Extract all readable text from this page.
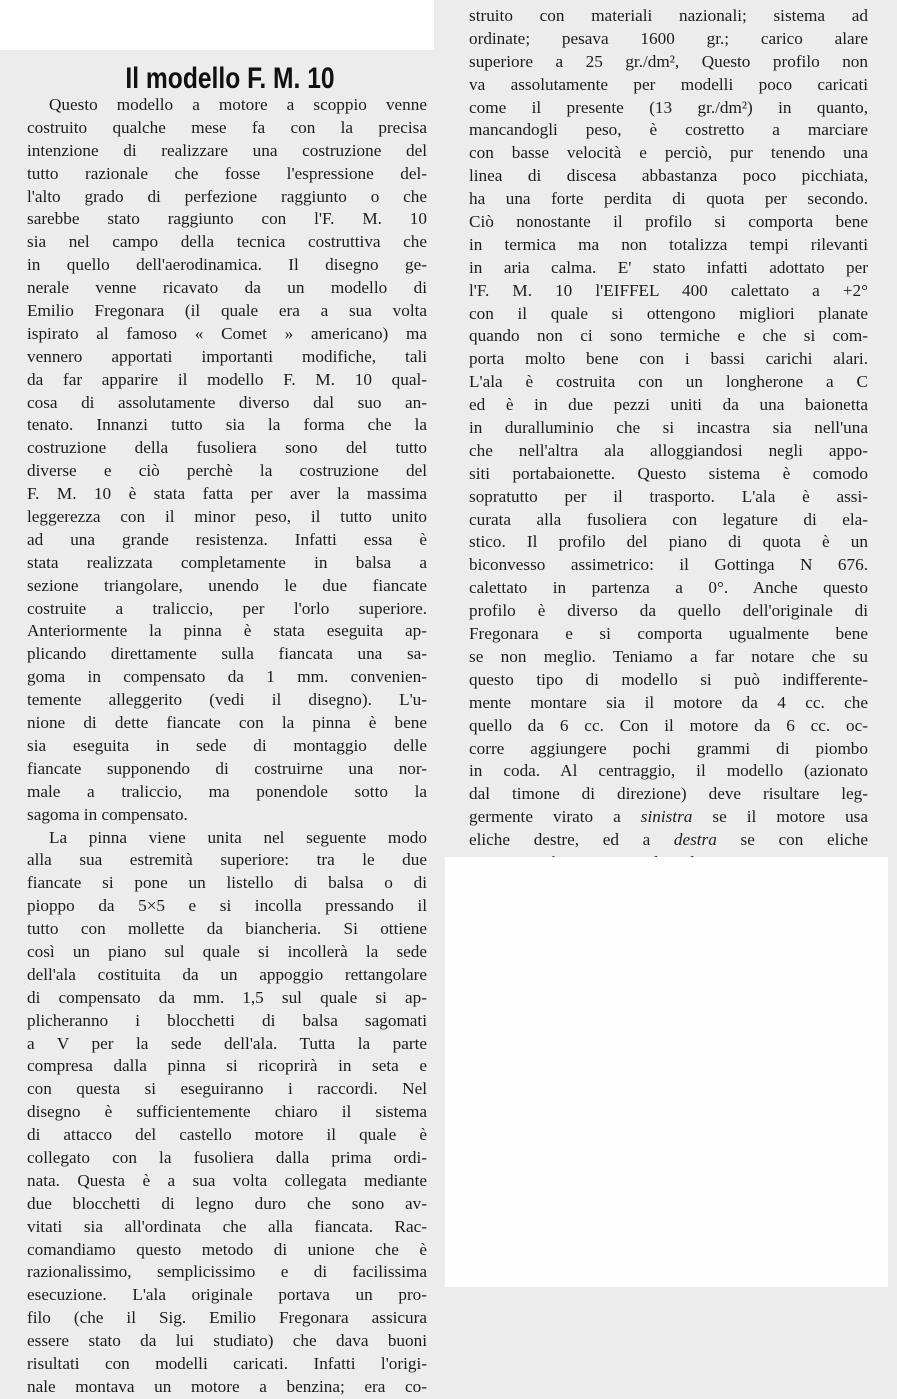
Il modello F. M. 10
Questo modello a motore a scoppio venne
costruito qualche mese fa con la precisa
intenzione di realizzare una costruzione del
tutto razionale che fosse l'espressione del-
l'alto grado di perfezione raggiunto o che
sarebbe stato raggiunto con l'F. M. 10
sia nel campo della tecnica costruttiva che
in quello dell'aerodinamica. Il disegno ge-
nerale venne ricavato da un modello di
Emilio Fregonara (il quale era a sua volta
ispirato al famoso « Comet » americano) ma
vennero apportati importanti modifiche, tali
da far apparire il modello F. M. 10 qual-
cosa di assolutamente diverso dal suo an-
tenato. Innanzi tutto sia la forma che la
costruzione della fusoliera sono del tutto
diverse e ciò perchè la costruzione del
F. M. 10 è stata fatta per aver la massima
leggerezza con il minor peso, il tutto unito
ad una grande resistenza. Infatti essa è
stata realizzata completamente in balsa a
sezione triangolare, unendo le due fiancate
costruite a traliccio, per l'orlo superiore.
Anteriormente la pinna è stata eseguita ap-
plicando direttamente sulla fiancata una sa-
goma in compensato da 1 mm. convenien-
temente alleggerito (vedi il disegno). L'u-
nione di dette fiancate con la pinna è bene
sia eseguita in sede di montaggio delle
fiancate supponendo di costruirne una nor-
male a traliccio, ma ponendole sotto la
sagoma in compensato.
La pinna viene unita nel seguente modo
alla sua estremità superiore: tra le due
fiancate si pone un listello di balsa o di
pioppo da 5×5 e si incolla pressando il
tutto con mollette da biancheria. Si ottiene
così un piano sul quale si incollerà la sede
dell'ala costituita da un appoggio rettangolare
di compensato da mm. 1,5 sul quale si ap-
plicheranno i blocchetti di balsa sagomati
a V per la sede dell'ala. Tutta la parte
compresa dalla pinna si ricoprirà in seta e
con questa si eseguiranno i raccordi. Nel
disegno è sufficientemente chiaro il sistema
di attacco del castello motore il quale è
collegato con la fusoliera dalla prima ordi-
nata. Questa è a sua volta collegata mediante
due blocchetti di legno duro che sono av-
vitati sia all'ordinata che alla fiancata. Rac-
comandiamo questo metodo di unione che è
razionalissimo, semplicissimo e di facilissima
esecuzione. L'ala originale portava un pro-
filo (che il Sig. Emilio Fregonara assicura
essere stato da lui studiato) che dava buoni
risultati con modelli caricati. Infatti l'origi-
nale montava un motore a benzina; era co-
struito con materiali nazionali; sistema ad
ordinate; pesava 1600 gr.; carico alare
superiore a 25 gr./dm², Questo profilo non
va assolutamente per modelli poco caricati
come il presente (13 gr./dm²) in quanto,
mancandogli peso, è costretto a marciare
con basse velocità e perciò, pur tenendo una
linea di discesa abbastanza poco picchiata,
ha una forte perdita di quota per secondo.
Ciò nonostante il profilo si comporta bene
in termica ma non totalizza tempi rilevanti
in aria calma. E' stato infatti adottato per
l'F. M. 10 l'EIFFEL 400 calettato a +2°
con il quale si ottengono migliori planate
quando non ci sono termiche e che si com-
porta molto bene con i bassi carichi alari.
L'ala è costruita con un longherone a C
ed è in due pezzi uniti da una baionetta
in duralluminio che si incastra sia nell'una
che nell'altra ala alloggiandosi negli appo-
siti portabaionette. Questo sistema è comodo
sopratutto per il trasporto. L'ala è assi-
curata alla fusoliera con legature di ela-
stico. Il profilo del piano di quota è un
biconvesso assimetrico: il Gottinga N 676.
calettato in partenza a 0°. Anche questo
profilo è diverso da quello dell'originale di
Fregonara e si comporta ugualmente bene
se non meglio. Teniamo a far notare che su
questo tipo di modello si può indifferente-
mente montare sia il motore da 4 cc. che
quello da 6 cc. Con il motore da 6 cc. oc-
corre aggiungere pochi grammi di piombo
in coda. Al centraggio, il modello (azionato
dal timone di direzione) deve risultare leg-
germente virato a sinistra se il motore usa
eliche destre, ed a destra se con eliche
